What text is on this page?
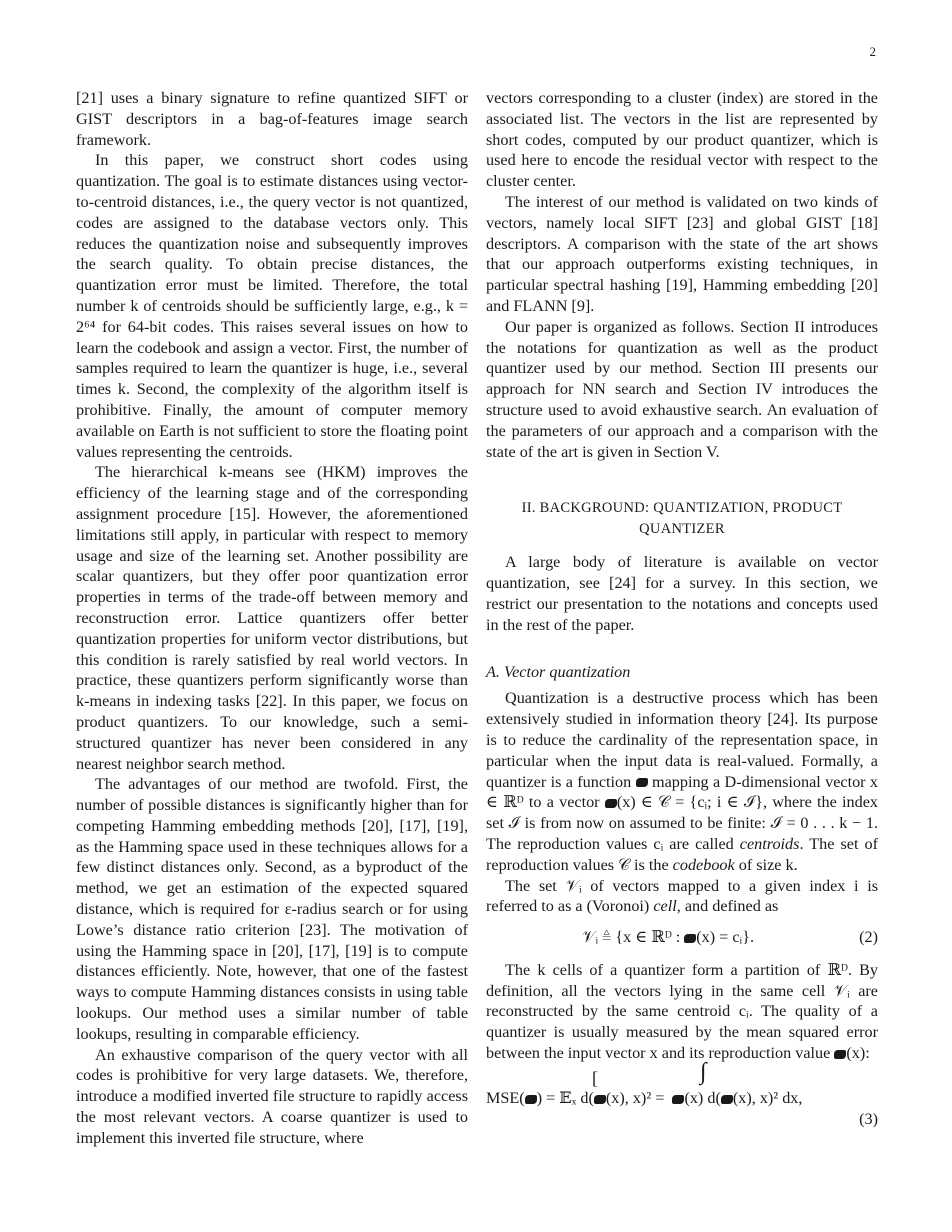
2

[21] uses a binary signature to refine quantized SIFT or GIST descriptors in a bag-of-features image search framework.

In this paper, we construct short codes using quantization. The goal is to estimate distances using vector-to-centroid distances, i.e., the query vector is not quantized, codes are assigned to the database vectors only. This reduces the quantization noise and subsequently improves the search quality. To obtain precise distances, the quantization error must be limited. Therefore, the total number k of centroids should be sufficiently large, e.g., k = 2⁶⁴ for 64-bit codes. This raises several issues on how to learn the codebook and assign a vector. First, the number of samples required to learn the quantizer is huge, i.e., several times k. Second, the complexity of the algorithm itself is prohibitive. Finally, the amount of computer memory available on Earth is not sufficient to store the floating point values representing the centroids.

The hierarchical k-means see (HKM) improves the efficiency of the learning stage and of the corresponding assignment procedure [15]. However, the aforementioned limitations still apply, in particular with respect to memory usage and size of the learning set. Another possibility are scalar quantizers, but they offer poor quantization error properties in terms of the trade-off between memory and reconstruction error. Lattice quantizers offer better quantization properties for uniform vector distributions, but this condition is rarely satisfied by real world vectors. In practice, these quantizers perform significantly worse than k-means in indexing tasks [22]. In this paper, we focus on product quantizers. To our knowledge, such a semi-structured quantizer has never been considered in any nearest neighbor search method.

The advantages of our method are twofold. First, the number of possible distances is significantly higher than for competing Hamming embedding methods [20], [17], [19], as the Hamming space used in these techniques allows for a few distinct distances only. Second, as a byproduct of the method, we get an estimation of the expected squared distance, which is required for ε-radius search or for using Lowe’s distance ratio criterion [23]. The motivation of using the Hamming space in [20], [17], [19] is to compute distances efficiently. Note, however, that one of the fastest ways to compute Hamming distances consists in using table lookups. Our method uses a similar number of table lookups, resulting in comparable efficiency.

An exhaustive comparison of the query vector with all codes is prohibitive for very large datasets. We, therefore, introduce a modified inverted file structure to rapidly access the most relevant vectors. A coarse quantizer is used to implement this inverted file structure, where

vectors corresponding to a cluster (index) are stored in the associated list. The vectors in the list are represented by short codes, computed by our product quantizer, which is used here to encode the residual vector with respect to the cluster center.

The interest of our method is validated on two kinds of vectors, namely local SIFT [23] and global GIST [18] descriptors. A comparison with the state of the art shows that our approach outperforms existing techniques, in particular spectral hashing [19], Hamming embedding [20] and FLANN [9].

Our paper is organized as follows. Section II introduces the notations for quantization as well as the product quantizer used by our method. Section III presents our approach for NN search and Section IV introduces the structure used to avoid exhaustive search. An evaluation of the parameters of our approach and a comparison with the state of the art is given in Section V.

II. BACKGROUND: QUANTIZATION, PRODUCT
QUANTIZER

A large body of literature is available on vector quantization, see [24] for a survey. In this section, we restrict our presentation to the notations and concepts used in the rest of the paper.

A. Vector quantization

Quantization is a destructive process which has been extensively studied in information theory [24]. Its purpose is to reduce the cardinality of the representation space, in particular when the input data is real-valued. Formally, a quantizer is a function mapping a D-dimensional vector x ∈ ℝᴰ to a vector (x) ∈ 𝒞 = {cᵢ; i ∈ ℐ}, where the index set ℐ is from now on assumed to be finite: ℐ = 0 . . . k − 1. The reproduction values cᵢ are called centroids. The set of reproduction values 𝒞 is the codebook of size k.

The set 𝒱ᵢ of vectors mapped to a given index i is referred to as a (Voronoi) cell, and defined as

𝒱ᵢ ≜ {x ∈ ℝᴰ : (x) = cᵢ}.	(2)

The k cells of a quantizer form a partition of ℝᴰ. By definition, all the vectors lying in the same cell 𝒱ᵢ are reconstructed by the same centroid cᵢ. The quality of a quantizer is usually measured by the mean squared error between the input vector x and its reproduction value (x):

[	∫
MSE( ) = 𝔼ₓ d( (x), x)² = (x) d( (x), x)² dx,
(3)
